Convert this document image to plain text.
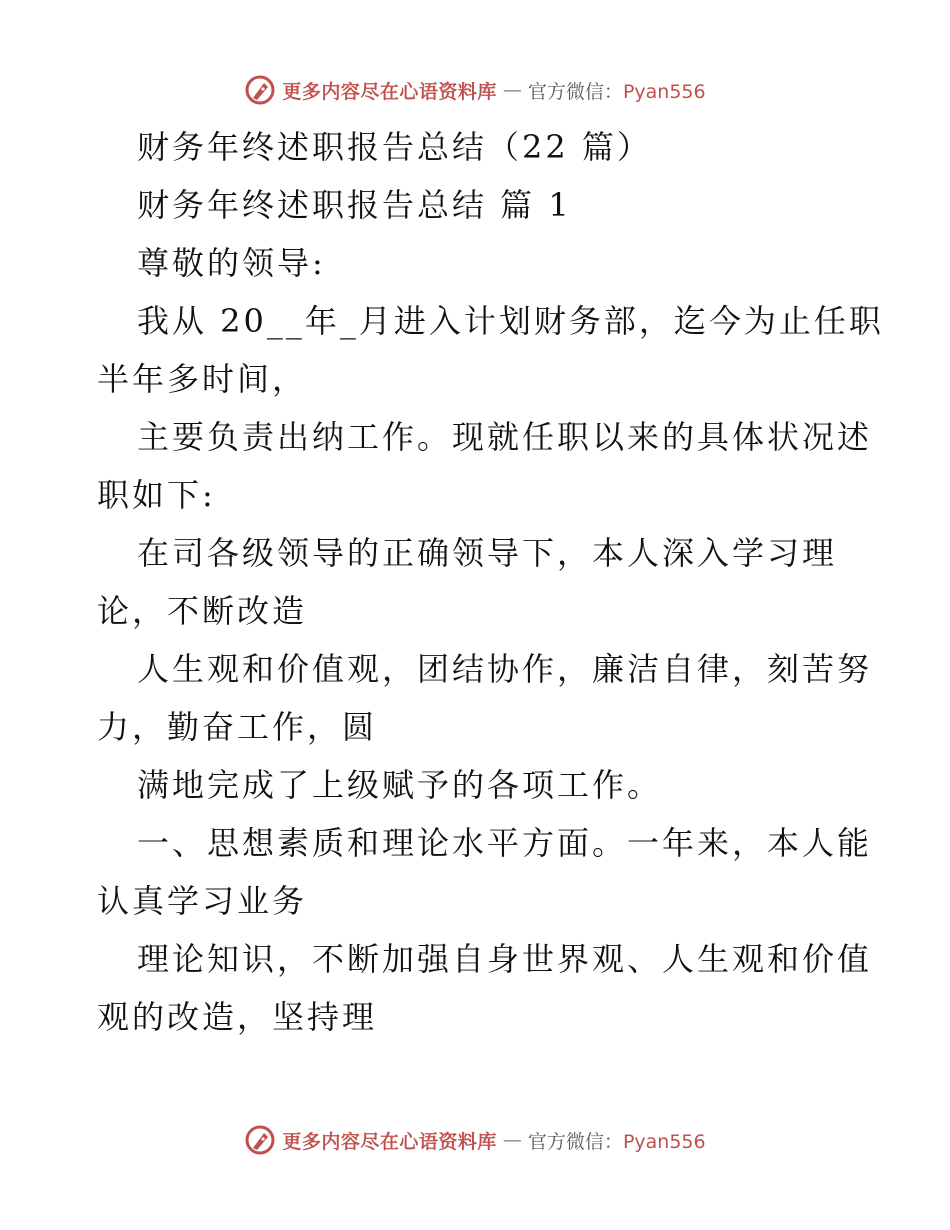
更多内容尽在心语资料库 — 官方微信：Pyan556
财务年终述职报告总结（22 篇）
财务年终述职报告总结 篇 1
尊敬的领导:
我从 20__年_月进入计划财务部，迄今为止任职
半年多时间，
主要负责出纳工作。现就任职以来的具体状况述
职如下:
在司各级领导的正确领导下，本人深入学习理
论，不断改造
人生观和价值观，团结协作，廉洁自律，刻苦努
力，勤奋工作，圆
满地完成了上级赋予的各项工作。
一、思想素质和理论水平方面。一年来，本人能
认真学习业务
理论知识，不断加强自身世界观、人生观和价值
观的改造，坚持理
更多内容尽在心语资料库 — 官方微信：Pyan556
